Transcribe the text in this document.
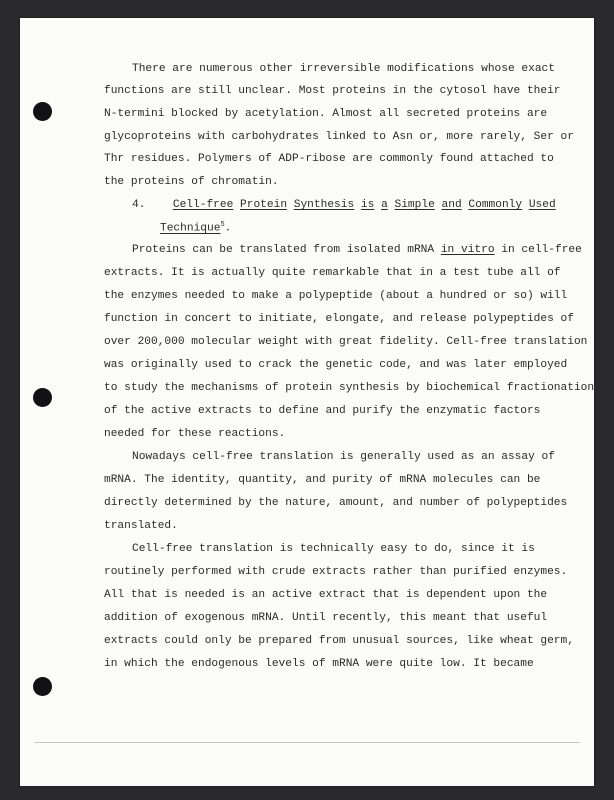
There are numerous other irreversible modifications whose exact
functions are still unclear. Most proteins in the cytosol have their
N-termini blocked by acetylation. Almost all secreted proteins are
glycoproteins with carbohydrates linked to Asn or, more rarely, Ser or
Thr residues. Polymers of ADP-ribose are commonly found attached to
the proteins of chromatin.
4. Cell-free Protein Synthesis is a Simple and Commonly Used
Technique$^5$.
Proteins can be translated from isolated mRNA in vitro in cell-free
extracts. It is actually quite remarkable that in a test tube all of
the enzymes needed to make a polypeptide (about a hundred or so) will
function in concert to initiate, elongate, and release polypeptides of
over 200,000 molecular weight with great fidelity. Cell-free translation
was originally used to crack the genetic code, and was later employed
to study the mechanisms of protein synthesis by biochemical fractionation
of the active extracts to define and purify the enzymatic factors
needed for these reactions.
Nowadays cell-free translation is generally used as an assay of
mRNA. The identity, quantity, and purity of mRNA molecules can be
directly determined by the nature, amount, and number of polypeptides
translated.
Cell-free translation is technically easy to do, since it is
routinely performed with crude extracts rather than purified enzymes.
All that is needed is an active extract that is dependent upon the
addition of exogenous mRNA. Until recently, this meant that useful
extracts could only be prepared from unusual sources, like wheat germ,
in which the endogenous levels of mRNA were quite low. It became
